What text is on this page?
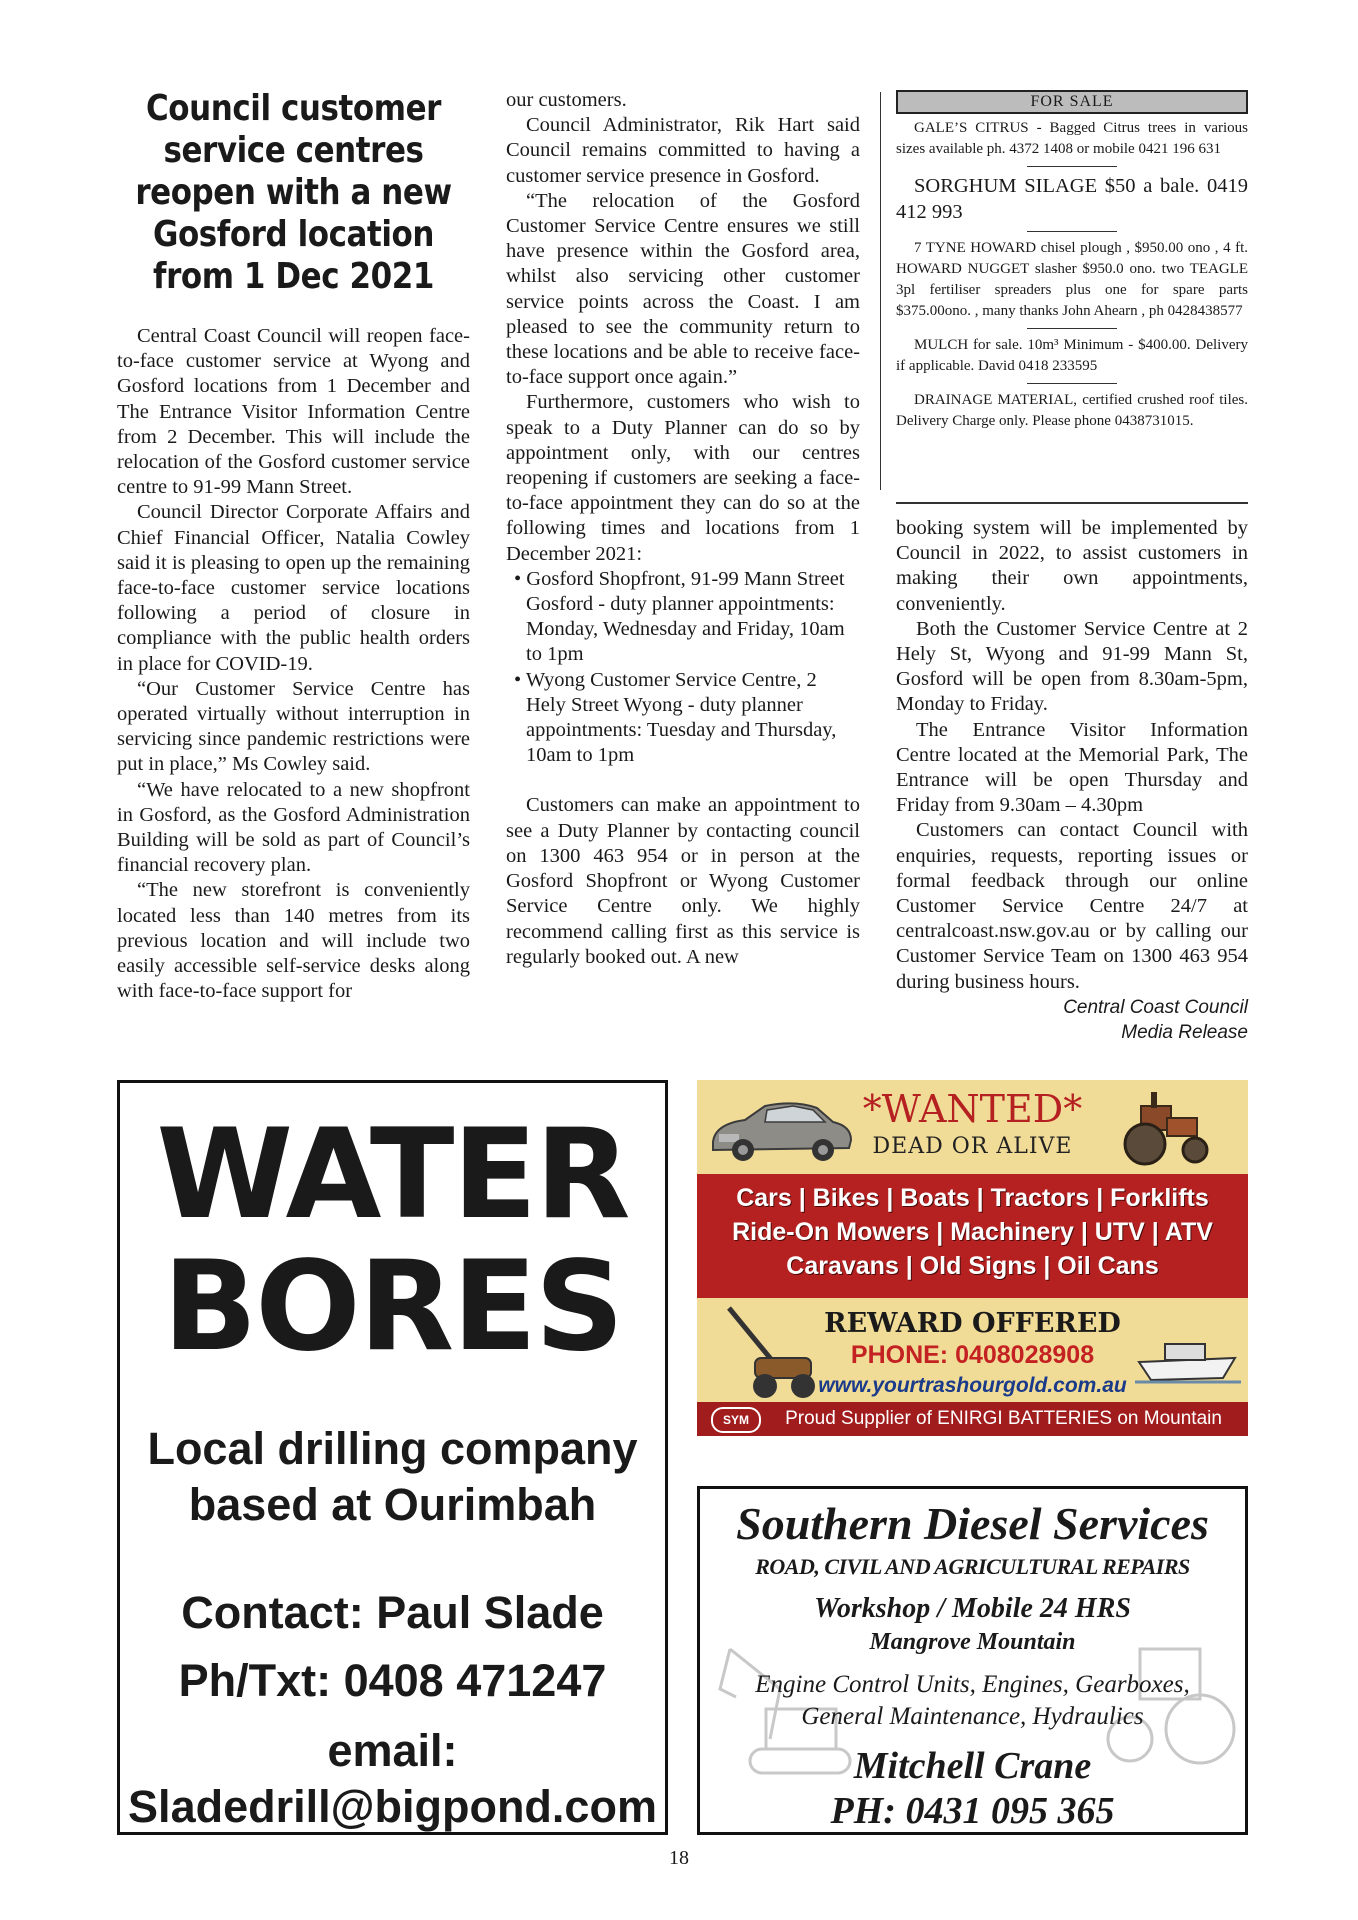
Council customer service centres reopen with a new Gosford location from 1 Dec 2021

Central Coast Council will reopen face-to-face customer service at Wyong and Gosford locations from 1 December and The Entrance Visitor Information Centre from 2 December. This will include the relocation of the Gosford customer service centre to 91-99 Mann Street.

Council Director Corporate Affairs and Chief Financial Officer, Natalia Cowley said it is pleasing to open up the remaining face-to-face customer service locations following a period of closure in compliance with the public health orders in place for COVID-19.

“Our Customer Service Centre has operated virtually without interruption in servicing since pandemic restrictions were put in place,” Ms Cowley said.

“We have relocated to a new shopfront in Gosford, as the Gosford Administration Building will be sold as part of Council’s financial recovery plan.

“The new storefront is conveniently located less than 140 metres from its previous location and will include two easily accessible self-service desks along with face-to-face support for

our customers.

Council Administrator, Rik Hart said Council remains committed to having a customer service presence in Gosford.

“The relocation of the Gosford Customer Service Centre ensures we still have presence within the Gosford area, whilst also servicing other customer service points across the Coast. I am pleased to see the community return to these locations and be able to receive face-to-face support once again.”

Furthermore, customers who wish to speak to a Duty Planner can do so by appointment only, with our centres reopening if customers are seeking a face-to-face appointment they can do so at the following times and locations from 1 December 2021:

• Gosford Shopfront, 91-99 Mann Street Gosford - duty planner appointments: Monday, Wednesday and Friday, 10am to 1pm
• Wyong Customer Service Centre, 2 Hely Street Wyong - duty planner appointments: Tuesday and Thursday, 10am to 1pm

Customers can make an appointment to see a Duty Planner by contacting council on 1300 463 954 or in person at the Gosford Shopfront or Wyong Customer Service Centre only. We highly recommend calling first as this service is regularly booked out. A new

FOR SALE

GALE’S CITRUS - Bagged Citrus trees in various sizes available ph. 4372 1408 or mobile 0421 196 631

SORGHUM SILAGE $50 a bale. 0419 412 993

7 TYNE HOWARD chisel plough , $950.00 ono , 4 ft. HOWARD NUGGET slasher $950.0 ono. two TEAGLE 3pl fertiliser spreaders plus one for spare parts $375.00ono. , many thanks John Ahearn , ph 0428438577

MULCH for sale. 10m³ Minimum - $400.00. Delivery if applicable. David 0418 233595

DRAINAGE MATERIAL, certified crushed roof tiles. Delivery Charge only. Please phone 0438731015.

booking system will be implemented by Council in 2022, to assist customers in making their own appointments, conveniently.

Both the Customer Service Centre at 2 Hely St, Wyong and 91-99 Mann St, Gosford will be open from 8.30am-5pm, Monday to Friday.

The Entrance Visitor Information Centre located at the Memorial Park, The Entrance will be open Thursday and Friday from 9.30am – 4.30pm

Customers can contact Council with enquiries, requests, reporting issues or formal feedback through our online Customer Service Centre 24/7 at centralcoast.nsw.gov.au or by calling our Customer Service Team on 1300 463 954 during business hours.

Central Coast Council
Media Release
WATER
BORES
Local drilling company
based at Ourimbah
Contact: Paul Slade
Ph/Txt: 0408 471247
email:
Sladedrill@bigpond.com
*WANTED*
DEAD OR ALIVE
Cars | Bikes | Boats | Tractors | Forklifts
Ride-On Mowers | Machinery | UTV | ATV
Caravans | Old Signs | Oil Cans
REWARD OFFERED
PHONE: 0408028908
www.yourtrashourgold.com.au
SYM	Proud Supplier of ENIRGI BATTERIES on Mountain
Southern Diesel Services
ROAD, CIVIL AND AGRICULTURAL REPAIRS
Workshop / Mobile 24 HRS
Mangrove Mountain
Engine Control Units, Engines, Gearboxes,
General Maintenance, Hydraulics
Mitchell Crane
PH: 0431 095 365
18
